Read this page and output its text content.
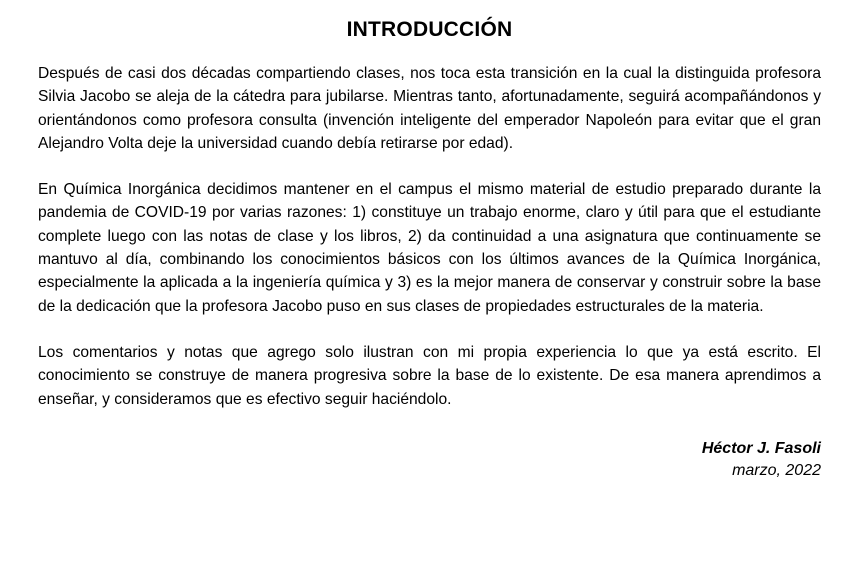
INTRODUCCIÓN

Después de casi dos décadas compartiendo clases, nos toca esta transición en la cual la distinguida profesora Silvia Jacobo se aleja de la cátedra para jubilarse. Mientras tanto, afortunadamente, seguirá acompañándonos y orientándonos como profesora consulta (invención inteligente del emperador Napoleón para evitar que el gran Alejandro Volta deje la universidad cuando debía retirarse por edad).

En Química Inorgánica decidimos mantener en el campus el mismo material de estudio preparado durante la pandemia de COVID-19 por varias razones: 1) constituye un trabajo enorme, claro y útil para que el estudiante complete luego con las notas de clase y los libros, 2) da continuidad a una asignatura que continuamente se mantuvo al día, combinando los conocimientos básicos con los últimos avances de la Química Inorgánica, especialmente la aplicada a la ingeniería química y 3) es la mejor manera de conservar y construir sobre la base de la dedicación que la profesora Jacobo puso en sus clases de propiedades estructurales de la materia.

Los comentarios y notas que agrego solo ilustran con mi propia experiencia lo que ya está escrito. El conocimiento se construye de manera progresiva sobre la base de lo existente. De esa manera aprendimos a enseñar, y consideramos que es efectivo seguir haciéndolo.

Héctor J. Fasoli
marzo, 2022
